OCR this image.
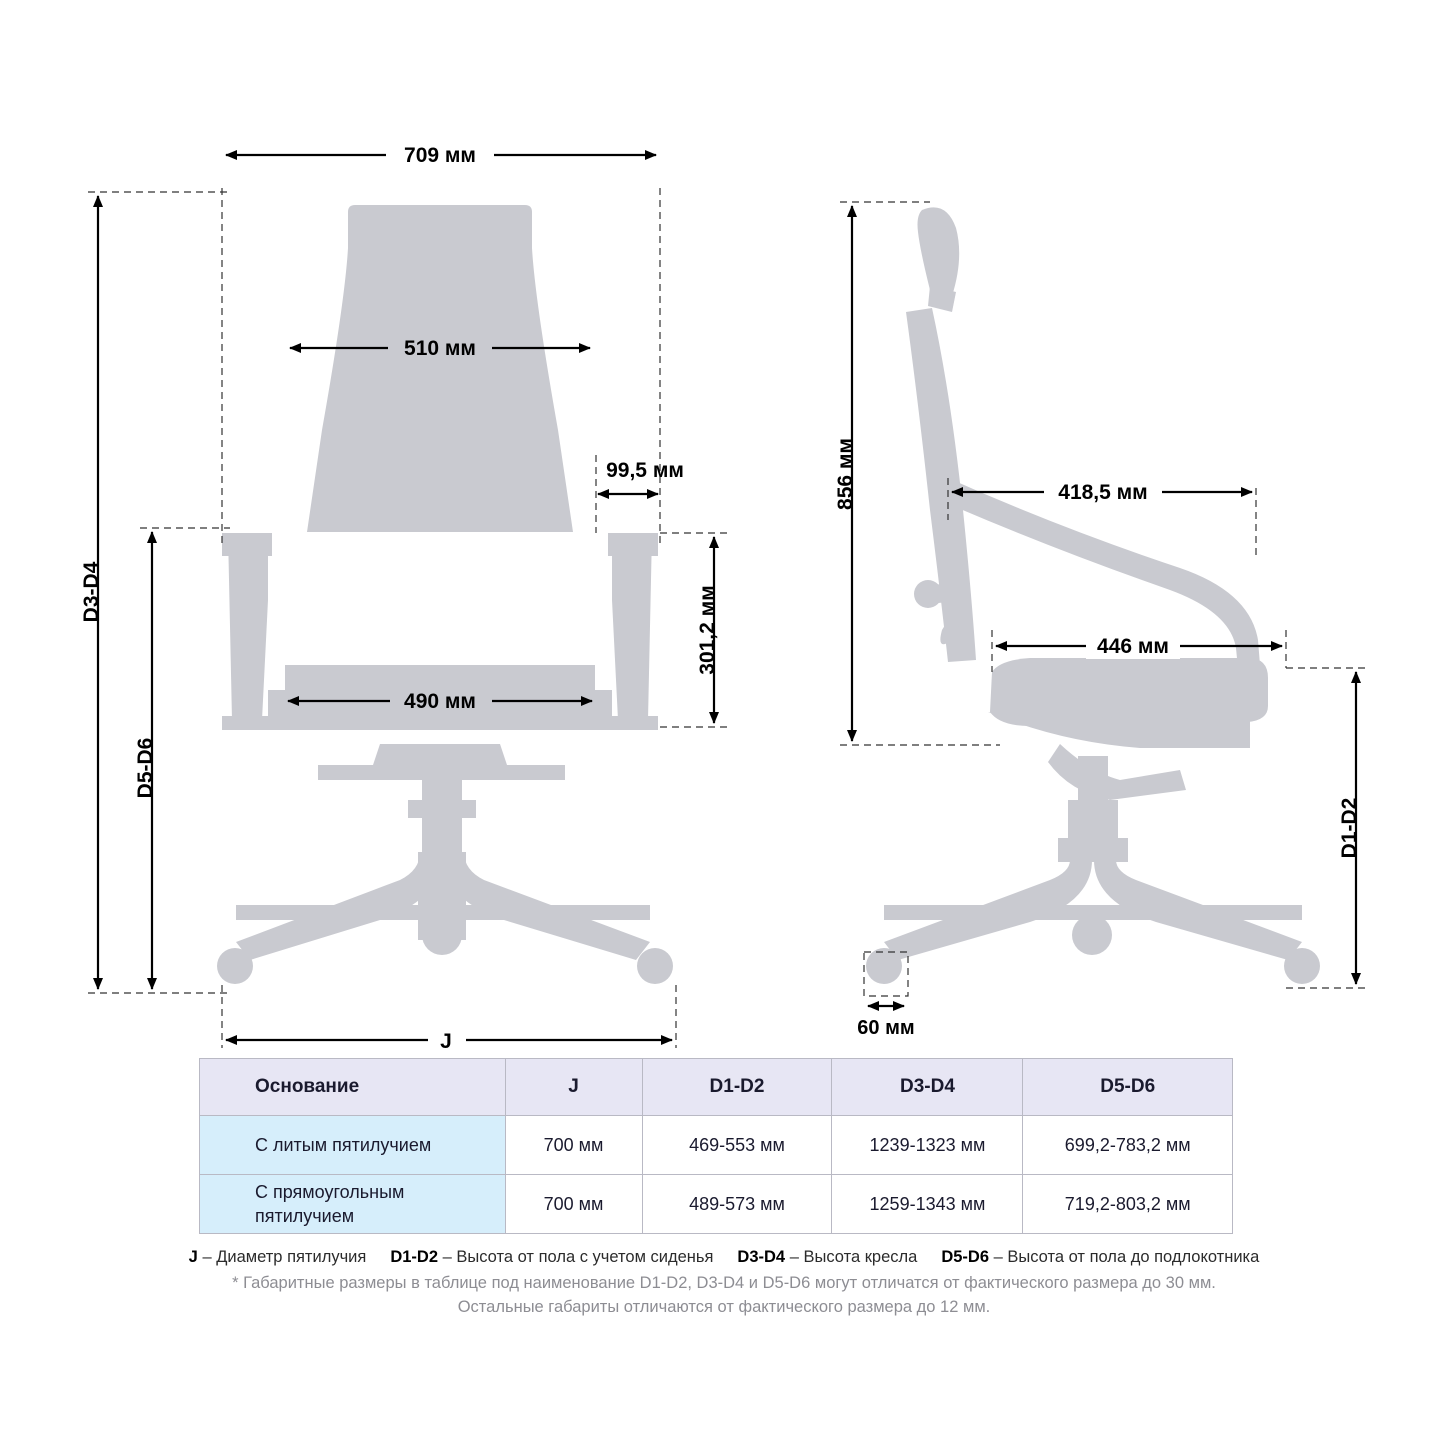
709 мм
510 мм
99,5 мм
301,2 мм
490 мм
J
D3-D4
D5-D6
856 мм	418,5 мм
446 мм
60 мм
D1-D2
Основание	J	D1-D2	D3-D4	D5-D6
С литым пятилучием	700 мм	469-553 мм	1239-1323 мм	699,2-783,2 мм
С прямоугольным пятилучием	700 мм	489-573 мм	1259-1343 мм	719,2-803,2 мм
J – Диаметр пятилучия D1-D2 – Высота от пола с учетом сиденья D3-D4 – Высота кресла D5-D6 – Высота от пола до подлокотника
* Габаритные размеры в таблице под наименование D1-D2, D3-D4 и D5-D6 могут отличатся от фактического размера до 30 мм.
Остальные габариты отличаются от фактического размера до 12 мм.
